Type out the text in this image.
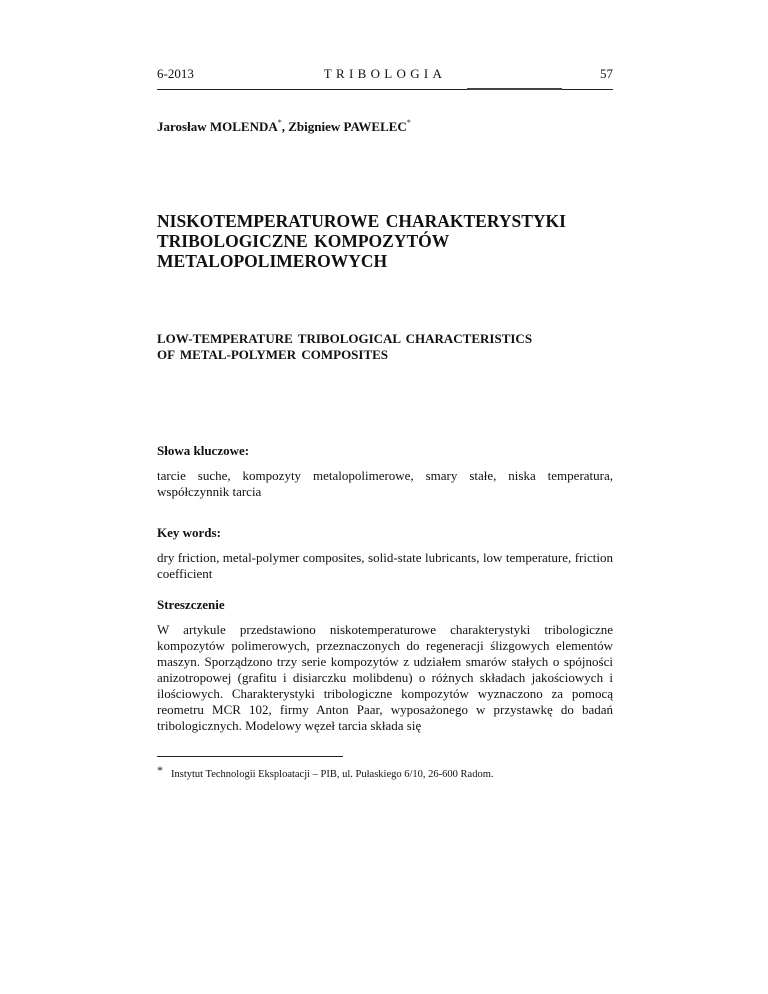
6-2013	TRIBOLOGIA	57
Jarosław MOLENDA*, Zbigniew PAWELEC*
NISKOTEMPERATUROWE CHARAKTERYSTYKI
TRIBOLOGICZNE KOMPOZYTÓW
METALOPOLIMEROWYCH
LOW-TEMPERATURE TRIBOLOGICAL CHARACTERISTICS
OF METAL-POLYMER COMPOSITES
Słowa kluczowe:
tarcie suche, kompozyty metalopolimerowe, smary stałe, niska temperatura, współczynnik tarcia
Key words:
dry friction, metal-polymer composites, solid-state lubricants, low temperature, friction coefficient
Streszczenie
W artykule przedstawiono niskotemperaturowe charakterystyki tribologiczne kompozytów polimerowych, przeznaczonych do regeneracji ślizgowych elementów maszyn. Sporządzono trzy serie kompozytów z udziałem smarów stałych o spójności anizotropowej (grafitu i disiarczku molibdenu) o różnych składach jakościowych i ilościowych. Charakterystyki tribologiczne kompozytów wyznaczono za pomocą reometru MCR 102, firmy Anton Paar, wyposażonego w przystawkę do badań tribologicznych. Modelowy węzeł tarcia składa się
* Instytut Technologii Eksploatacji – PIB, ul. Pułaskiego 6/10, 26-600 Radom.
